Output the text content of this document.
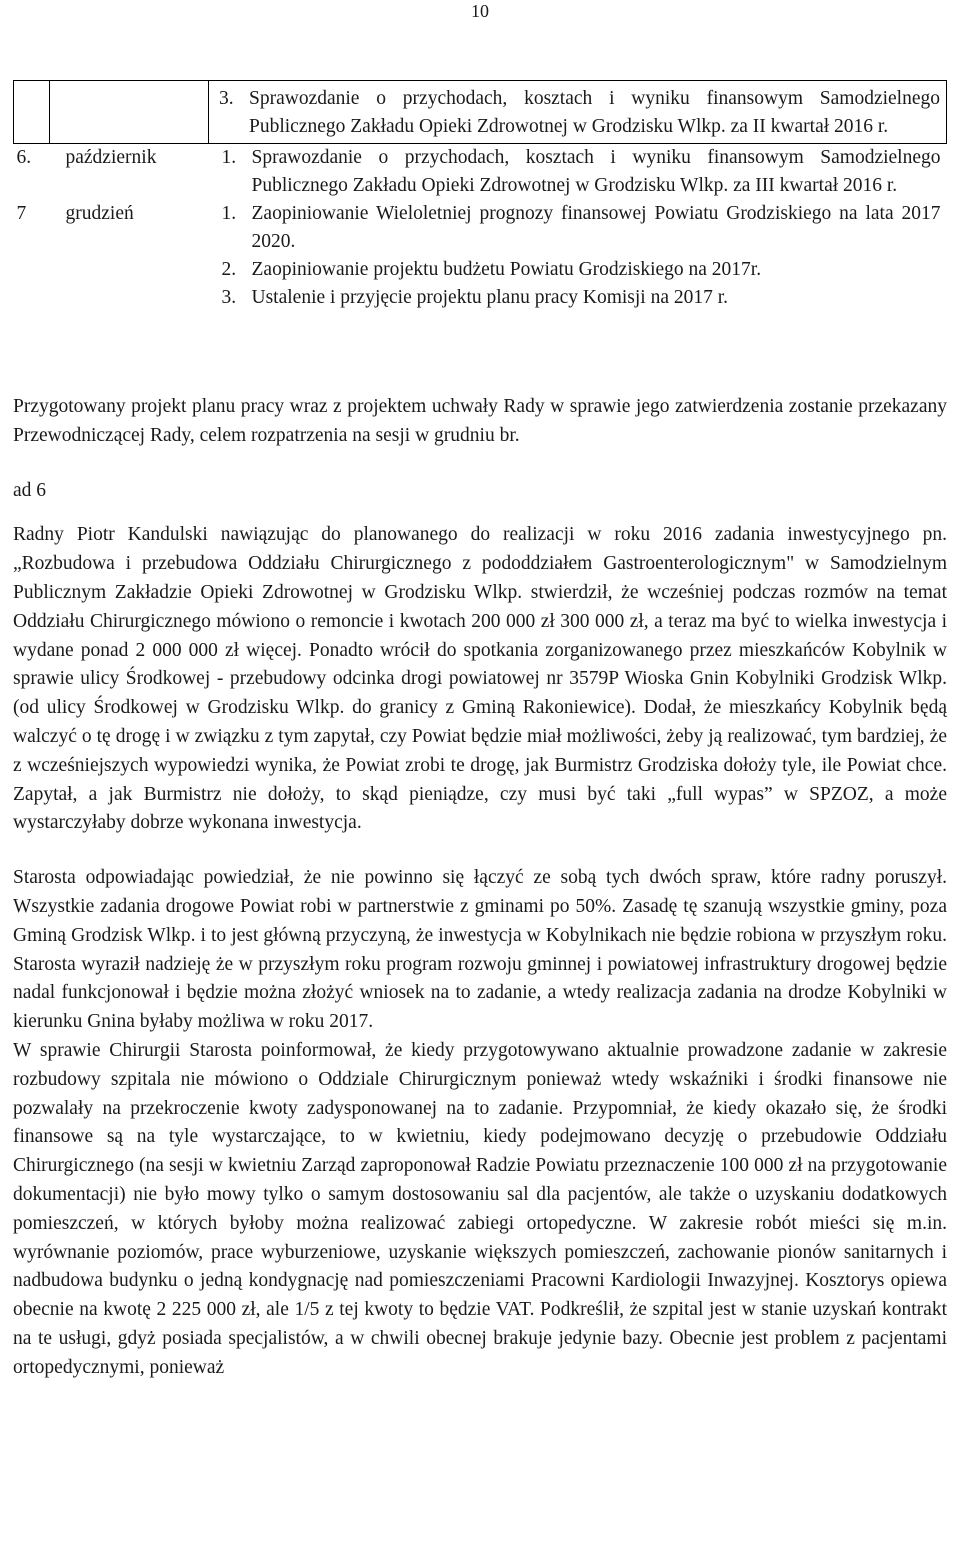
10

3. Sprawozdanie o przychodach, kosztach i wyniku finansowym Samodzielnego Publicznego Zakładu Opieki Zdrowotnej w Grodzisku Wlkp. za II kwartał 2016 r.

6.	październik	1. Sprawozdanie o przychodach, kosztach i wyniku finansowym Samodzielnego Publicznego Zakładu Opieki Zdrowotnej w Grodzisku Wlkp. za III kwartał 2016 r.
7	grudzień	1. Zaopiniowanie Wieloletniej prognozy finansowej Powiatu Grodziskiego na lata 2017 2020.
2. Zaopiniowanie projektu budżetu Powiatu Grodziskiego na 2017r.
3. Ustalenie i przyjęcie projektu planu pracy Komisji na 2017 r.

Przygotowany projekt planu pracy wraz z projektem uchwały Rady w sprawie jego zatwierdzenia zostanie przekazany Przewodniczącej Rady, celem rozpatrzenia na sesji w grudniu br.

ad 6

Radny Piotr Kandulski nawiązując do planowanego do realizacji w roku 2016 zadania inwestycyjnego pn. „Rozbudowa i przebudowa Oddziału Chirurgicznego z pododdziałem Gastroenterologicznym" w Samodzielnym Publicznym Zakładzie Opieki Zdrowotnej w Grodzisku Wlkp. stwierdził, że wcześniej podczas rozmów na temat Oddziału Chirurgicznego mówiono o remoncie i kwotach 200 000 zł 300 000 zł, a teraz ma być to wielka inwestycja i wydane ponad 2 000 000 zł więcej. Ponadto wrócił do spotkania zorganizowanego przez mieszkańców Kobylnik w sprawie ulicy Środkowej - przebudowy odcinka drogi powiatowej nr 3579P Wioska Gnin Kobylniki Grodzisk Wlkp. (od ulicy Środkowej w Grodzisku Wlkp. do granicy z Gminą Rakoniewice). Dodał, że mieszkańcy Kobylnik będą walczyć o tę drogę i w związku z tym zapytał, czy Powiat będzie miał możliwości, żeby ją realizować, tym bardziej, że z wcześniejszych wypowiedzi wynika, że Powiat zrobi te drogę, jak Burmistrz Grodziska dołoży tyle, ile Powiat chce. Zapytał, a jak Burmistrz nie dołoży, to skąd pieniądze, czy musi być taki „full wypas” w SPZOZ, a może wystarczyłaby dobrze wykonana inwestycja.

Starosta odpowiadając powiedział, że nie powinno się łączyć ze sobą tych dwóch spraw, które radny poruszył. Wszystkie zadania drogowe Powiat robi w partnerstwie z gminami po 50%. Zasadę tę szanują wszystkie gminy, poza Gminą Grodzisk Wlkp. i to jest główną przyczyną, że inwestycja w Kobylnikach nie będzie robiona w przyszłym roku. Starosta wyraził nadzieję że w przyszłym roku program rozwoju gminnej i powiatowej infrastruktury drogowej będzie nadal funkcjonował i będzie można złożyć wniosek na to zadanie, a wtedy realizacja zadania na drodze Kobylniki w kierunku Gnina byłaby możliwa w roku 2017.

W sprawie Chirurgii Starosta poinformował, że kiedy przygotowywano aktualnie prowadzone zadanie w zakresie rozbudowy szpitala nie mówiono o Oddziale Chirurgicznym ponieważ wtedy wskaźniki i środki finansowe nie pozwalały na przekroczenie kwoty zadysponowanej na to zadanie. Przypomniał, że kiedy okazało się, że środki finansowe są na tyle wystarczające, to w kwietniu, kiedy podejmowano decyzję o przebudowie Oddziału Chirurgicznego (na sesji w kwietniu Zarząd zaproponował Radzie Powiatu przeznaczenie 100 000 zł na przygotowanie dokumentacji) nie było mowy tylko o samym dostosowaniu sal dla pacjentów, ale także o uzyskaniu dodatkowych pomieszczeń, w których byłoby można realizować zabiegi ortopedyczne. W zakresie robót mieści się m.in. wyrównanie poziomów, prace wyburzeniowe, uzyskanie większych pomieszczeń, zachowanie pionów sanitarnych i nadbudowa budynku o jedną kondygnację nad pomieszczeniami Pracowni Kardiologii Inwazyjnej. Kosztorys opiewa obecnie na kwotę 2 225 000 zł, ale 1/5 z tej kwoty to będzie VAT. Podkreślił, że szpital jest w stanie uzyskań kontrakt na te usługi, gdyż posiada specjalistów, a w chwili obecnej brakuje jedynie bazy. Obecnie jest problem z pacjentami ortopedycznymi, ponieważ
